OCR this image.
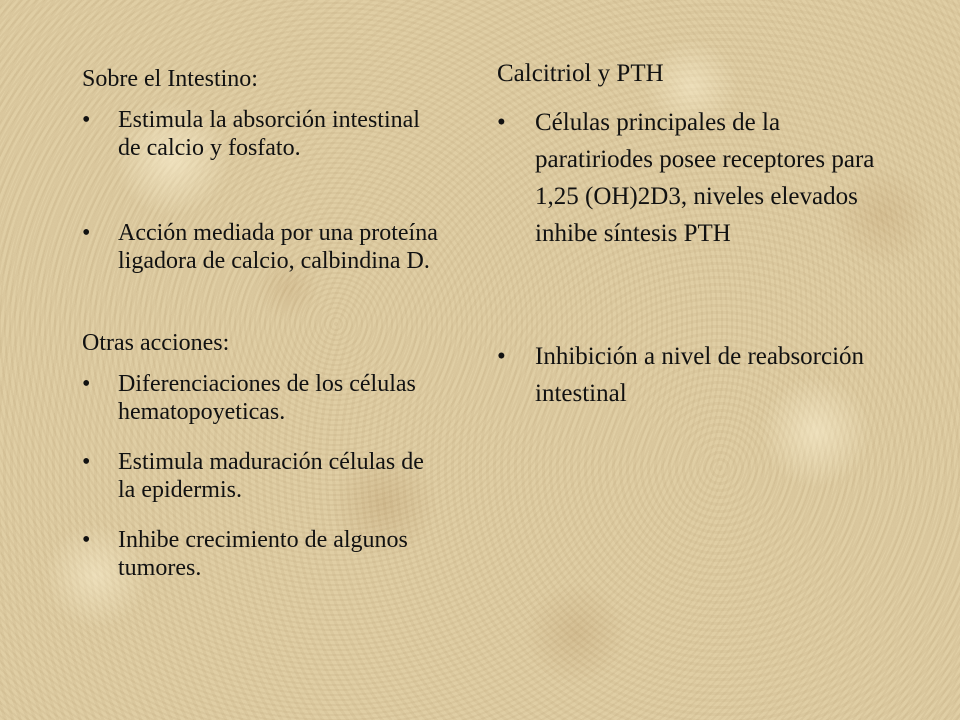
Sobre el Intestino:
• Estimula la absorción intestinal de calcio y fosfato.
• Acción mediada por una proteína ligadora de calcio, calbindina D.
Otras acciones:
• Diferenciaciones de los células hematopoyeticas.
• Estimula maduración células de la epidermis.
• Inhibe crecimiento de algunos tumores.
Calcitriol y PTH
• Células principales de la paratiriodes posee receptores para 1,25 (OH)2D3, niveles elevados inhibe síntesis PTH
• Inhibición a nivel de reabsorción intestinal
